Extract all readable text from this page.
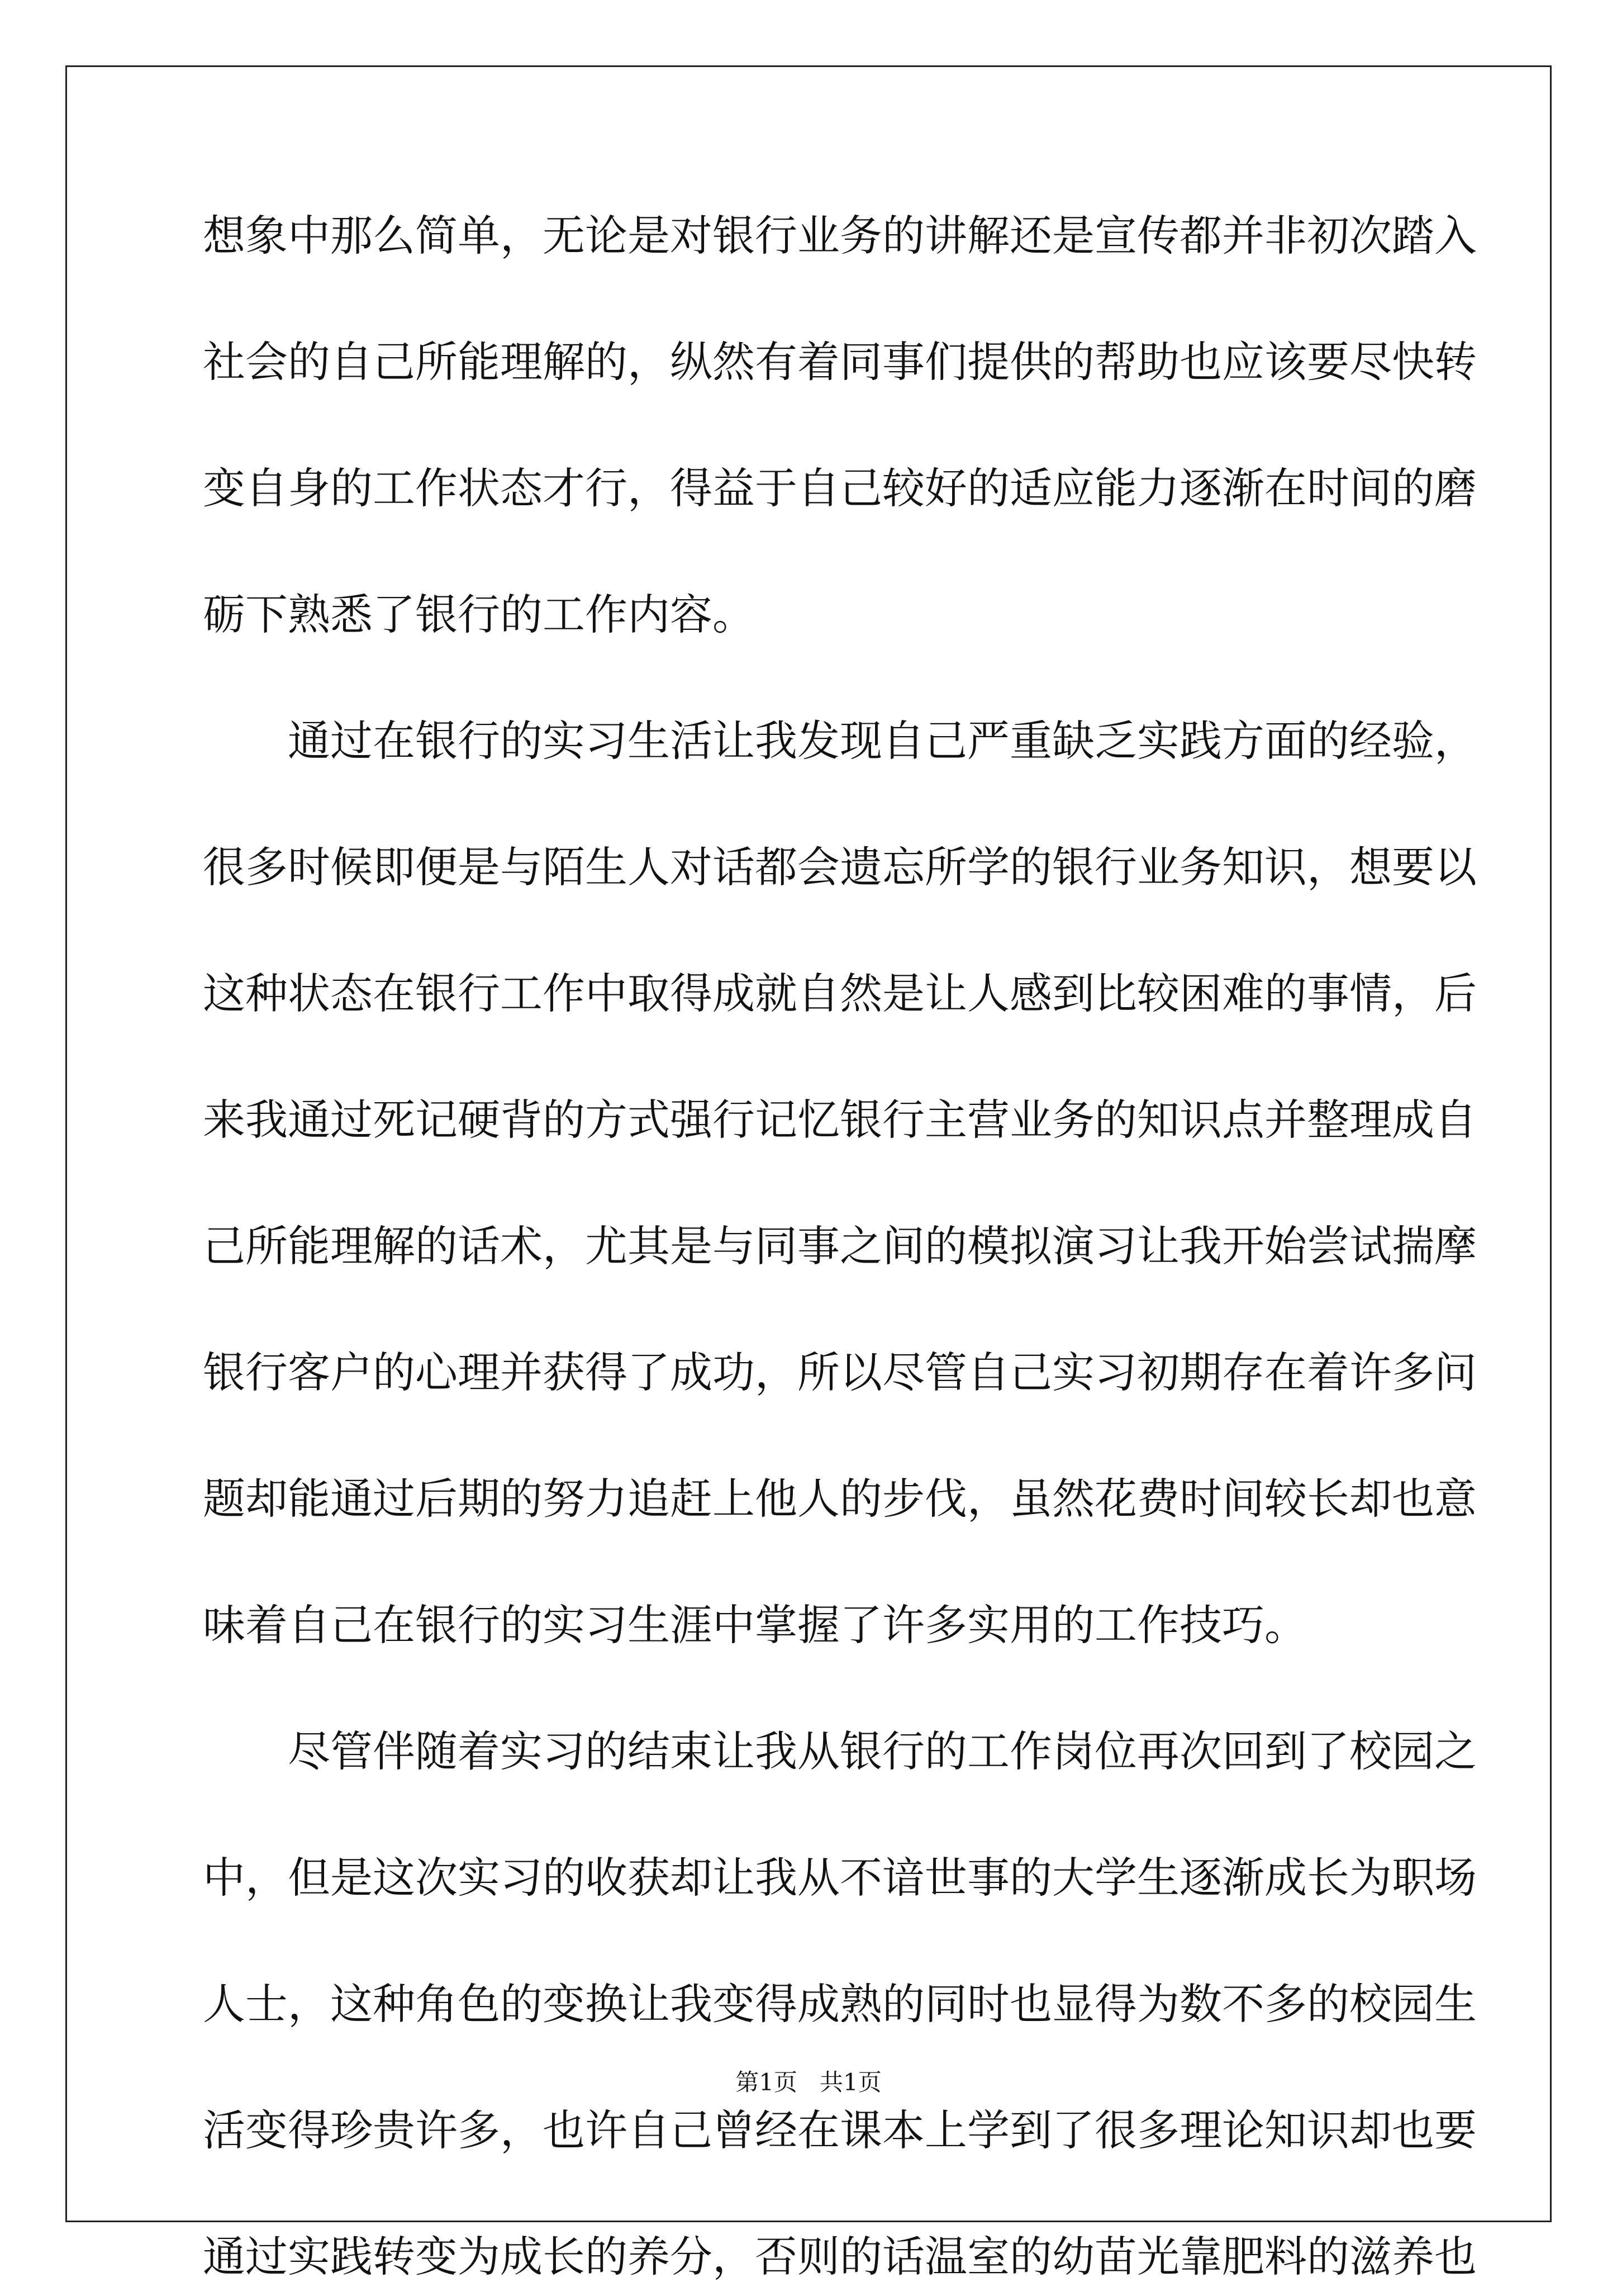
想象中那么简单，无论是对银行业务的讲解还是宣传都并非初次踏入
社会的自己所能理解的，纵然有着同事们提供的帮助也应该要尽快转
变自身的工作状态才行，得益于自己较好的适应能力逐渐在时间的磨
砺下熟悉了银行的工作内容。
通过在银行的实习生活让我发现自己严重缺乏实践方面的经验，
很多时候即便是与陌生人对话都会遗忘所学的银行业务知识，想要以
这种状态在银行工作中取得成就自然是让人感到比较困难的事情，后
来我通过死记硬背的方式强行记忆银行主营业务的知识点并整理成自
己所能理解的话术，尤其是与同事之间的模拟演习让我开始尝试揣摩
银行客户的心理并获得了成功，所以尽管自己实习初期存在着许多问
题却能通过后期的努力追赶上他人的步伐，虽然花费时间较长却也意
味着自己在银行的实习生涯中掌握了许多实用的工作技巧。
尽管伴随着实习的结束让我从银行的工作岗位再次回到了校园之
中，但是这次实习的收获却让我从不谙世事的大学生逐渐成长为职场
人士，这种角色的变换让我变得成熟的同时也显得为数不多的校园生
活变得珍贵许多，也许自己曾经在课本上学到了很多理论知识却也要
通过实践转变为成长的养分，否则的话温室的幼苗光靠肥料的滋养也
第1页 共1页
